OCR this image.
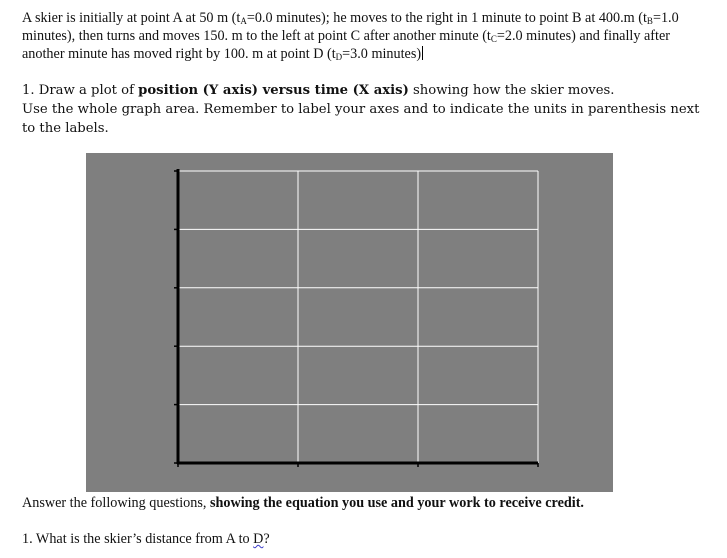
A skier is initially at point A at 50 m ($t_A=0.0$ minutes); he moves to the right in 1 minute to point B at 400.m ($t_B=1.0$ minutes), then turns and moves 150. m to the left at point C after another minute ($t_C=2.0$ minutes) and finally after another minute has moved right by 100. m at point D ($t_D=3.0$ minutes)
1. Draw a plot of position (Y axis) versus time (X axis) showing how the skier moves.
Use the whole graph area. Remember to label your axes and to indicate the units in parenthesis next to the labels.
Answer the following questions, showing the equation you use and your work to receive credit.
1. What is the skier’s distance from A to D?
